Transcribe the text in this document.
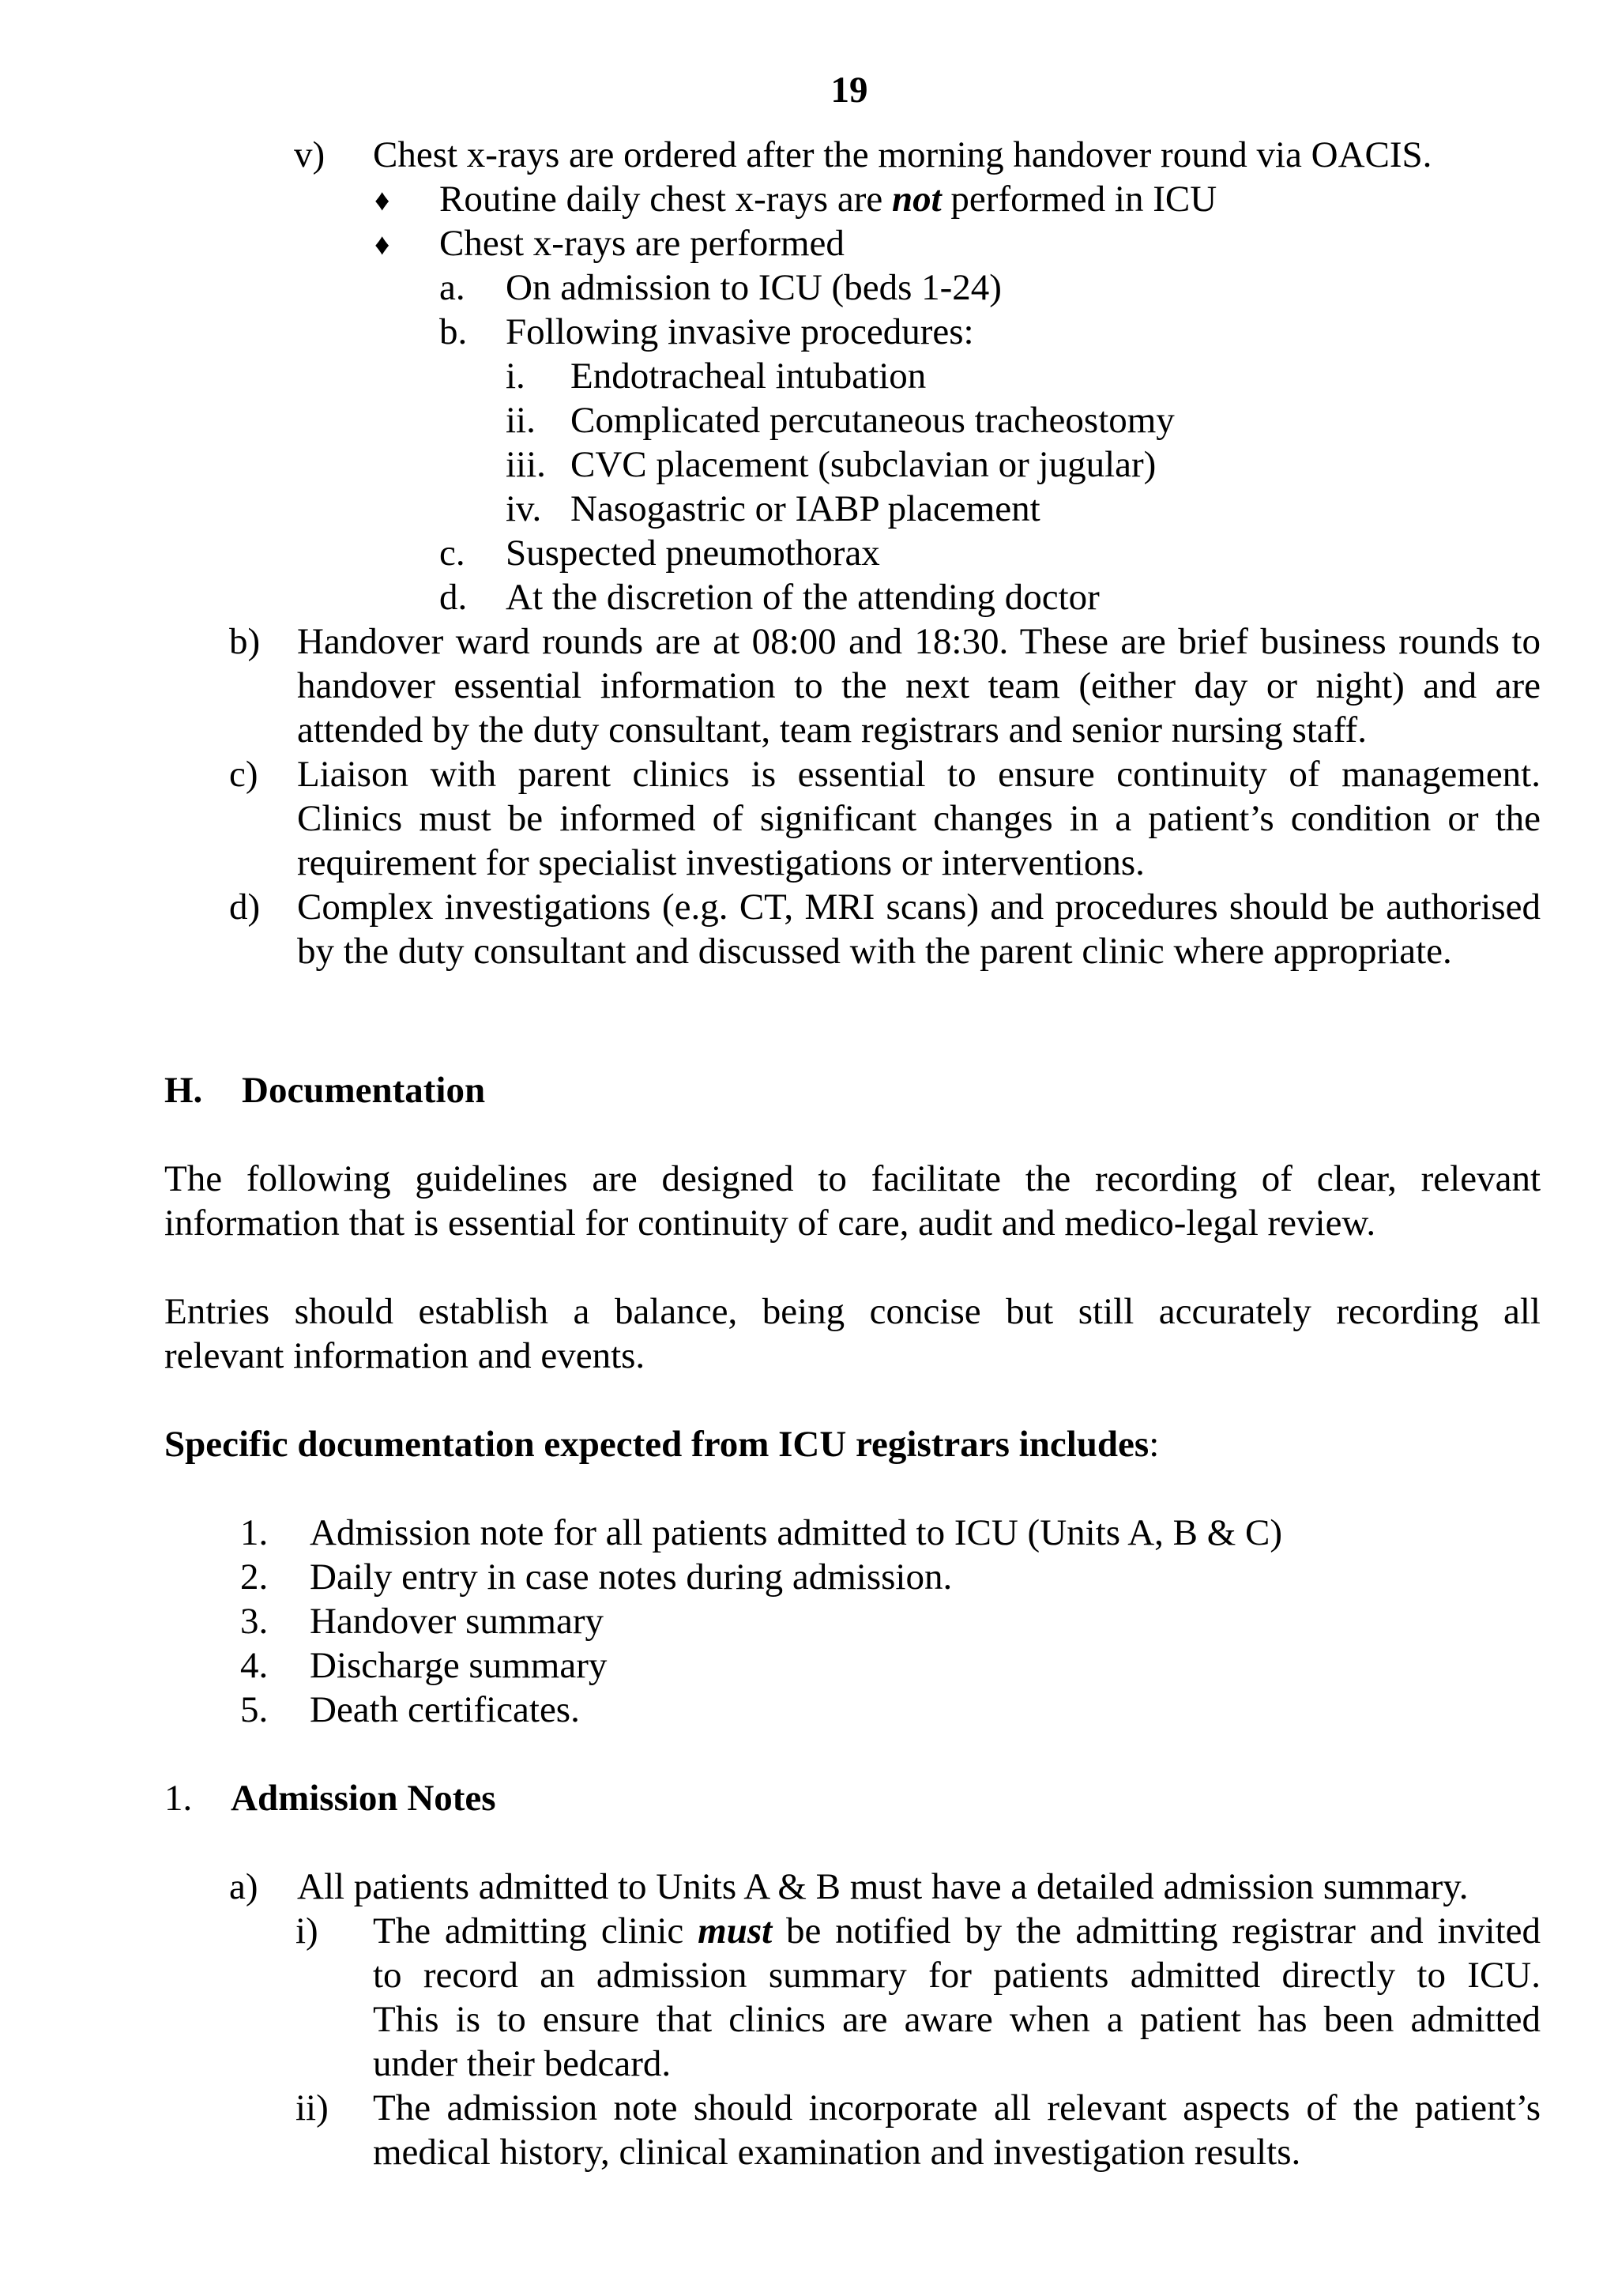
19
v) Chest x-rays are ordered after the morning handover round via OACIS.
♦ Routine daily chest x-rays are not performed in ICU
♦ Chest x-rays are performed
a. On admission to ICU (beds 1-24)
b. Following invasive procedures:
i. Endotracheal intubation
ii. Complicated percutaneous tracheostomy
iii. CVC placement (subclavian or jugular)
iv. Nasogastric or IABP placement
c. Suspected pneumothorax
d. At the discretion of the attending doctor
b) Handover ward rounds are at 08:00 and 18:30. These are brief business rounds to
handover essential information to the next team (either day or night) and are
attended by the duty consultant, team registrars and senior nursing staff.
c) Liaison with parent clinics is essential to ensure continuity of management.
Clinics must be informed of significant changes in a patient’s condition or the
requirement for specialist investigations or interventions.
d) Complex investigations (e.g. CT, MRI scans) and procedures should be authorised
by the duty consultant and discussed with the parent clinic where appropriate.
H. Documentation
The following guidelines are designed to facilitate the recording of clear, relevant
information that is essential for continuity of care, audit and medico-legal review.
Entries should establish a balance, being concise but still accurately recording all
relevant information and events.
Specific documentation expected from ICU registrars includes:
1. Admission note for all patients admitted to ICU (Units A, B & C)
2. Daily entry in case notes during admission.
3. Handover summary
4. Discharge summary
5. Death certificates.
1. Admission Notes
a) All patients admitted to Units A & B must have a detailed admission summary.
i) The admitting clinic must be notified by the admitting registrar and invited
to record an admission summary for patients admitted directly to ICU.
This is to ensure that clinics are aware when a patient has been admitted
under their bedcard.
ii) The admission note should incorporate all relevant aspects of the patient’s
medical history, clinical examination and investigation results.
